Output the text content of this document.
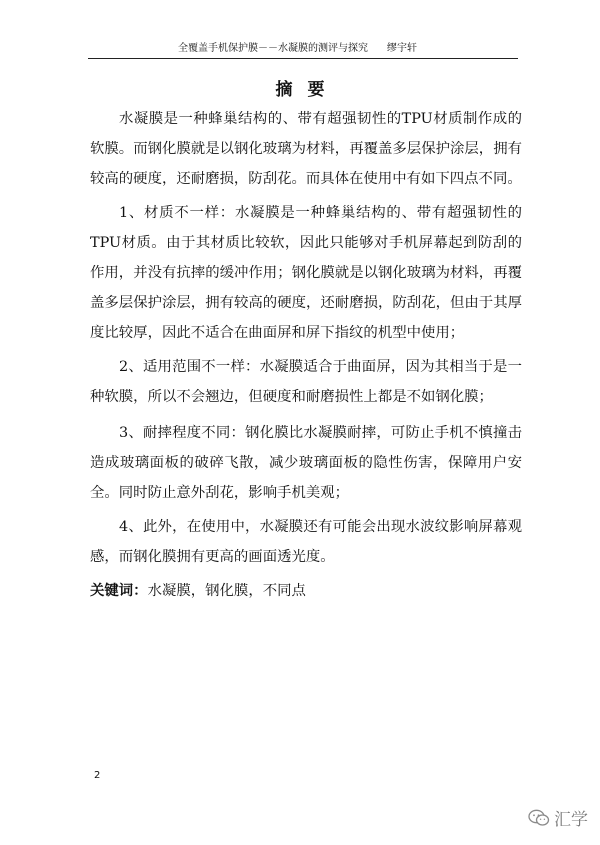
全覆盖手机保护膜－－水凝膜的测评与探究 缪宇轩
摘要

水凝膜是一种蜂巢结构的、带有超强韧性的TPU材质制作成的软膜。而钢化膜就是以钢化玻璃为材料，再覆盖多层保护涂层，拥有较高的硬度，还耐磨损，防刮花。而具体在使用中有如下四点不同。

1、材质不一样：水凝膜是一种蜂巢结构的、带有超强韧性的TPU材质。由于其材质比较软，因此只能够对手机屏幕起到防刮的作用，并没有抗摔的缓冲作用；钢化膜就是以钢化玻璃为材料，再覆盖多层保护涂层，拥有较高的硬度，还耐磨损，防刮花，但由于其厚度比较厚，因此不适合在曲面屏和屏下指纹的机型中使用；

2、适用范围不一样：水凝膜适合于曲面屏，因为其相当于是一种软膜，所以不会翘边，但硬度和耐磨损性上都是不如钢化膜；

3、耐摔程度不同：钢化膜比水凝膜耐摔，可防止手机不慎撞击造成玻璃面板的破碎飞散，减少玻璃面板的隐性伤害，保障用户安全。同时防止意外刮花，影响手机美观；

4、此外，在使用中，水凝膜还有可能会出现水波纹影响屏幕观感，而钢化膜拥有更高的画面透光度。

关键词：水凝膜，钢化膜，不同点
2
汇学
